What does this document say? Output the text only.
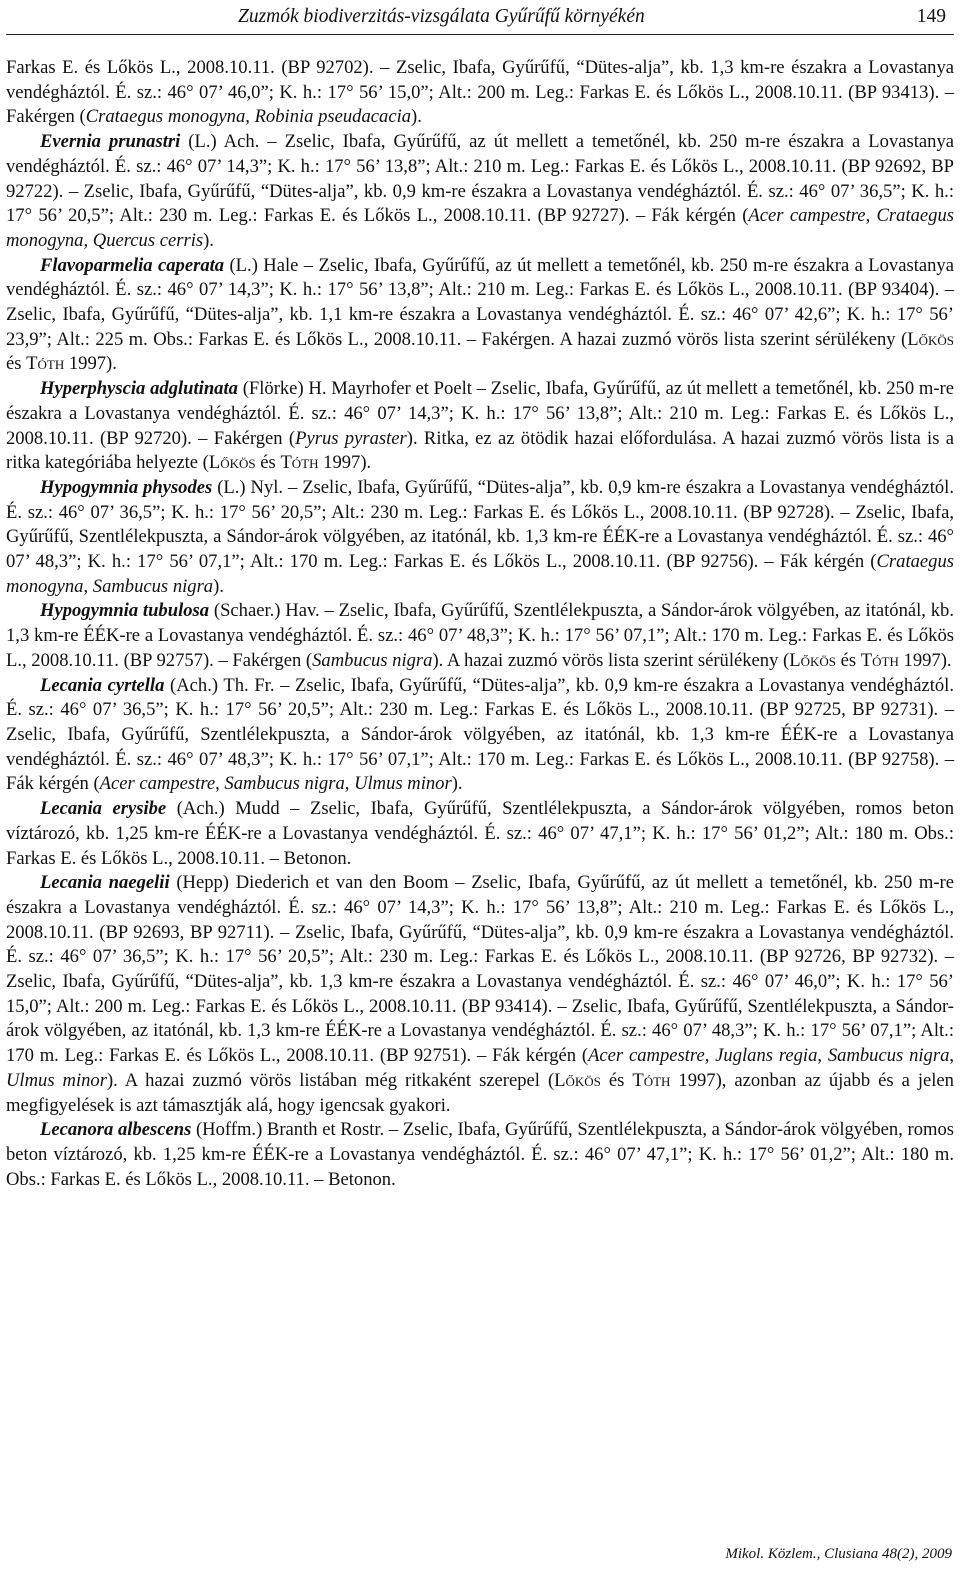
Zuzmók biodiverzitás-vizsgálata Gyűrűfű környékén	149

Farkas E. és Lőkös L., 2008.10.11. (BP 92702). – Zselic, Ibafa, Gyűrűfű, “Dütes-alja”, kb. 1,3 km-re északra a Lovastanya vendégháztól. É. sz.: 46° 07’ 46,0”; K. h.: 17° 56’ 15,0”; Alt.: 200 m. Leg.: Farkas E. és Lőkös L., 2008.10.11. (BP 93413). – Fakérgen (Crataegus monogyna, Robinia pseudacacia).

Evernia prunastri (L.) Ach. – Zselic, Ibafa, Gyűrűfű, az út mellett a temetőnél, kb. 250 m-re északra a Lovastanya vendégháztól. É. sz.: 46° 07’ 14,3”; K. h.: 17° 56’ 13,8”; Alt.: 210 m. Leg.: Farkas E. és Lőkös L., 2008.10.11. (BP 92692, BP 92722). – Zselic, Ibafa, Gyűrűfű, “Dütes-alja”, kb. 0,9 km-re északra a Lovastanya vendégháztól. É. sz.: 46° 07’ 36,5”; K. h.: 17° 56’ 20,5”; Alt.: 230 m. Leg.: Farkas E. és Lőkös L., 2008.10.11. (BP 92727). – Fák kérgén (Acer campestre, Crataegus monogyna, Quercus cerris).

Flavoparmelia caperata (L.) Hale – Zselic, Ibafa, Gyűrűfű, az út mellett a temetőnél, kb. 250 m-re északra a Lovastanya vendégháztól. É. sz.: 46° 07’ 14,3”; K. h.: 17° 56’ 13,8”; Alt.: 210 m. Leg.: Farkas E. és Lőkös L., 2008.10.11. (BP 93404). – Zselic, Ibafa, Gyűrűfű, “Dütes-alja”, kb. 1,1 km-re északra a Lovastanya vendégháztól. É. sz.: 46° 07’ 42,6”; K. h.: 17° 56’ 23,9”; Alt.: 225 m. Obs.: Farkas E. és Lőkös L., 2008.10.11. – Fakérgen. A hazai zuzmó vörös lista szerint sérülékeny (Lőkös és Tóth 1997).

Hyperphyscia adglutinata (Flörke) H. Mayrhofer et Poelt – Zselic, Ibafa, Gyűrűfű, az út mellett a temetőnél, kb. 250 m-re északra a Lovastanya vendégháztól. É. sz.: 46° 07’ 14,3”; K. h.: 17° 56’ 13,8”; Alt.: 210 m. Leg.: Farkas E. és Lőkös L., 2008.10.11. (BP 92720). – Fakérgen (Pyrus pyraster). Ritka, ez az ötödik hazai előfordulása. A hazai zuzmó vörös lista is a ritka kategóriába helyezte (Lőkös és Tóth 1997).

Hypogymnia physodes (L.) Nyl. – Zselic, Ibafa, Gyűrűfű, “Dütes-alja”, kb. 0,9 km-re északra a Lovastanya vendégháztól. É. sz.: 46° 07’ 36,5”; K. h.: 17° 56’ 20,5”; Alt.: 230 m. Leg.: Farkas E. és Lőkös L., 2008.10.11. (BP 92728). – Zselic, Ibafa, Gyűrűfű, Szentlélekpuszta, a Sándor-árok völgyében, az itatónál, kb. 1,3 km-re ÉÉK-re a Lovastanya vendégháztól. É. sz.: 46° 07’ 48,3”; K. h.: 17° 56’ 07,1”; Alt.: 170 m. Leg.: Farkas E. és Lőkös L., 2008.10.11. (BP 92756). – Fák kérgén (Crataegus monogyna, Sambucus nigra).

Hypogymnia tubulosa (Schaer.) Hav. – Zselic, Ibafa, Gyűrűfű, Szentlélekpuszta, a Sándor-árok völgyében, az itatónál, kb. 1,3 km-re ÉÉK-re a Lovastanya vendégháztól. É. sz.: 46° 07’ 48,3”; K. h.: 17° 56’ 07,1”; Alt.: 170 m. Leg.: Farkas E. és Lőkös L., 2008.10.11. (BP 92757). – Fakérgen (Sambucus nigra). A hazai zuzmó vörös lista szerint sérülékeny (Lőkös és Tóth 1997).

Lecania cyrtella (Ach.) Th. Fr. – Zselic, Ibafa, Gyűrűfű, “Dütes-alja”, kb. 0,9 km-re északra a Lovastanya vendégháztól. É. sz.: 46° 07’ 36,5”; K. h.: 17° 56’ 20,5”; Alt.: 230 m. Leg.: Farkas E. és Lőkös L., 2008.10.11. (BP 92725, BP 92731). – Zselic, Ibafa, Gyűrűfű, Szentlélekpuszta, a Sándor-árok völgyében, az itatónál, kb. 1,3 km-re ÉÉK-re a Lovastanya vendégháztól. É. sz.: 46° 07’ 48,3”; K. h.: 17° 56’ 07,1”; Alt.: 170 m. Leg.: Farkas E. és Lőkös L., 2008.10.11. (BP 92758). – Fák kérgén (Acer campestre, Sambucus nigra, Ulmus minor).

Lecania erysibe (Ach.) Mudd – Zselic, Ibafa, Gyűrűfű, Szentlélekpuszta, a Sándor-árok völgyében, romos beton víztározó, kb. 1,25 km-re ÉÉK-re a Lovastanya vendégháztól. É. sz.: 46° 07’ 47,1”; K. h.: 17° 56’ 01,2”; Alt.: 180 m. Obs.: Farkas E. és Lőkös L., 2008.10.11. – Betonon.

Lecania naegelii (Hepp) Diederich et van den Boom – Zselic, Ibafa, Gyűrűfű, az út mellett a temetőnél, kb. 250 m-re északra a Lovastanya vendégháztól. É. sz.: 46° 07’ 14,3”; K. h.: 17° 56’ 13,8”; Alt.: 210 m. Leg.: Farkas E. és Lőkös L., 2008.10.11. (BP 92693, BP 92711). – Zselic, Ibafa, Gyűrűfű, “Dütes-alja”, kb. 0,9 km-re északra a Lovastanya vendégháztól. É. sz.: 46° 07’ 36,5”; K. h.: 17° 56’ 20,5”; Alt.: 230 m. Leg.: Farkas E. és Lőkös L., 2008.10.11. (BP 92726, BP 92732). – Zselic, Ibafa, Gyűrűfű, “Dütes-alja”, kb. 1,3 km-re északra a Lovastanya vendégháztól. É. sz.: 46° 07’ 46,0”; K. h.: 17° 56’ 15,0”; Alt.: 200 m. Leg.: Farkas E. és Lőkös L., 2008.10.11. (BP 93414). – Zselic, Ibafa, Gyűrűfű, Szentlélekpuszta, a Sándor-árok völgyében, az itatónál, kb. 1,3 km-re ÉÉK-re a Lovastanya vendégháztól. É. sz.: 46° 07’ 48,3”; K. h.: 17° 56’ 07,1”; Alt.: 170 m. Leg.: Farkas E. és Lőkös L., 2008.10.11. (BP 92751). – Fák kérgén (Acer campestre, Juglans regia, Sambucus nigra, Ulmus minor). A hazai zuzmó vörös listában még ritkaként szerepel (Lőkös és Tóth 1997), azonban az újabb és a jelen megfigyelések is azt támasztják alá, hogy igencsak gyakori.

Lecanora albescens (Hoffm.) Branth et Rostr. – Zselic, Ibafa, Gyűrűfű, Szentlélekpuszta, a Sándor-árok völgyében, romos beton víztározó, kb. 1,25 km-re ÉÉK-re a Lovastanya vendégháztól. É. sz.: 46° 07’ 47,1”; K. h.: 17° 56’ 01,2”; Alt.: 180 m. Obs.: Farkas E. és Lőkös L., 2008.10.11. – Betonon.

Mikol. Közlem., Clusiana 48(2), 2009
